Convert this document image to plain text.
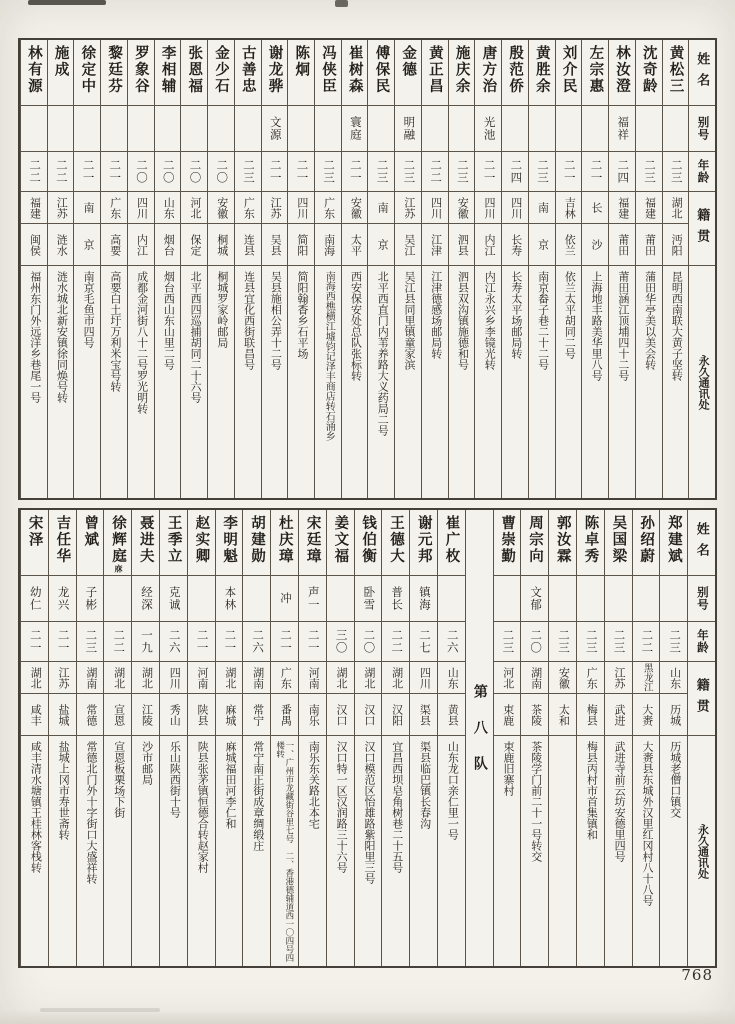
姓名
别号
年龄
籍贯
永久通讯处
黄松三
二三
湖北
沔阳
昆明西南联大黄子坚转
沈奇龄
二三
福建
莆田
蒲田华亭美以美会转
林汝澄
福祥
二四
福建
莆田
莆田涵江顶埔四十二号
左宗惠
二一
长
沙
上海地丰路美华里八号
刘介民
二一
吉林
依兰
依兰太平胡同二号
黄胜余
二三
南
京
南京畚子巷二十二号
殷范侨
二四
四川
长寿
长寿太平场邮局转
唐方治
光池
二一
四川
内江
内江永兴乡李镜光转
施庆余
二三
安徽
泗县
泗县双沟镇施德和号
黄正昌
二二
四川
江津
江津德感场邮局转
金德
明融
二三
江苏
吴江
吴江县同里镇童家滨
傅保民
二三
南
京
北平西直门内苇养路大义药局二号
崔树森
寰庭
二一
安徽
太平
西安保安处总队张标转
冯侠臣
二三
广东
南海
南海西樵横江墟钧记泽丰商店转石涌乡
陈炯
二一
四川
简阳
简阳翰香乡石平场
谢龙骅
文源
二一
江苏
吴县
吴县施相公弄十二号
古善忠
二三
广东
连县
连县宜化西街联昌号
金少石
二〇
安徽
桐城
桐城罗家岭邮局
张恩福
二〇
河北
保定
北平西四巡捕胡同二十六号
李相辅
二〇
山东
烟台
烟台西山东山里二号
罗象谷
二〇
四川
内江
成都金河街八十二号罗光明转
黎廷芬
二一
广东
高要
高要白土圩万利米宝号转
徐定中
二一
南
京
南京毛鱼市四号
施成
二二
江苏
涟水
涟水城北新安镇徐同焕号转
林有源
二二
福建
闽侯
福州东门外远洋乡巷尾一号
姓名
别号
年龄
籍贯
永久通讯处
郑建斌
二三
山东
历城
历城老僧口镇交
孙绍蔚
二二
黑龙江
大赉
大赉县东城外汉里红冈村八十八号
吴国梁
二三
江苏
武进
武进寺前云坊安德里四号
陈卓秀
二三
广东
梅县
梅县丙村市首集镇和
郭汝霖
二三
安徽
太和
周宗向
文郁
二〇
湖南
茶陵
茶陵学门前二十一号转交
曹崇勤
二三
河北
束鹿
束鹿旧寨村
第八队
崔广枚
二六
山东
黄县
山东龙口亲仁里一号
谢元邦
镇海
二七
四川
渠县
渠县临巴镇长春沟
王德大
普长
二二
湖北
汉阳
宜昌西坝皂角树巷二十五号
钱伯衡
卧雪
二〇
湖北
汉口
汉口模范区怡雄路紫阳里三号
姜文福
三〇
湖北
汉口
汉口特一区汉润路三十六号
宋廷璋
声一
二一
河南
南乐
南乐东关路北本宅
杜庆璋
冲
二一
广东
番禺
一、广州市龙藏街谷里七号　二、香港德辅道西一〇四号四楼转
胡建勋
二六
湖南
常宁
常宁南正街成章绸缎庄
李明魁
本林
二一
湖北
麻城
麻城福田河李仁和
赵实卿
二一
河南
陕县
陕县张茅镇恒德合转赵家村
王季立
克诚
二六
四川
秀山
乐山陕西街十号
聂进夫
经深
一九
湖北
江陵
沙市邮局
徐辉庭庥
二二
湖北
宣恩
宣恩板栗场下街
曾斌
子彬
二三
湖南
常德
常德北门外十字街口大盛祥转
吉任华
龙兴
二一
江苏
盐城
盐城上冈市寿世斋转
宋泽
幼仁
二一
湖北
咸丰
咸丰清水塘镇王桂林客栈转
768
